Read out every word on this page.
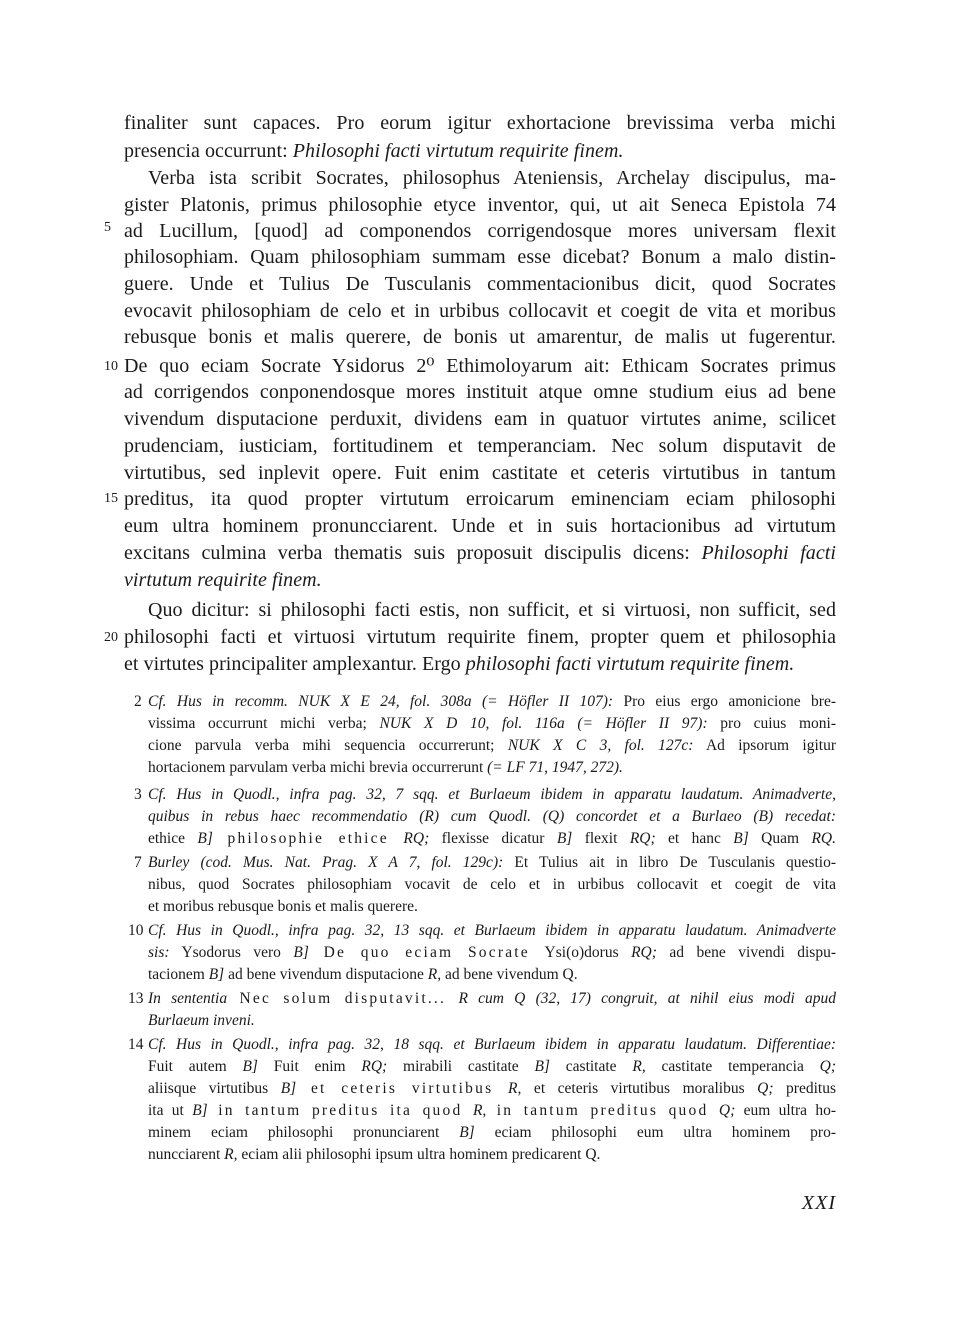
5
10
15
20
finaliter sunt capaces. Pro eorum igitur exhortacione brevissima verba michi
presencia occurrunt: Philosophi facti virtutum requirite finem.
Verba ista scribit Socrates, philosophus Ateniensis, Archelay discipulus, ma-
gister Platonis, primus philosophie etyce inventor, qui, ut ait Seneca Epistola 74
ad Lucillum, [quod] ad componendos corrigendosque mores universam flexit
philosophiam. Quam philosophiam summam esse dicebat? Bonum a malo distin-
guere. Unde et Tulius De Tusculanis commentacionibus dicit, quod Socrates
evocavit philosophiam de celo et in urbibus collocavit et coegit de vita et moribus
rebusque bonis et malis querere, de bonis ut amarentur, de malis ut fugerentur.
De quo eciam Socrate Ysidorus 2⁰ Ethimoloyarum ait: Ethicam Socrates primus
ad corrigendos conponendosque mores instituit atque omne studium eius ad bene
vivendum disputacione perduxit, dividens eam in quatuor virtutes anime, scilicet
prudenciam, iusticiam, fortitudinem et temperanciam. Nec solum disputavit de
virtutibus, sed inplevit opere. Fuit enim castitate et ceteris virtutibus in tantum
preditus, ita quod propter virtutum erroicarum eminenciam eciam philosophi
eum ultra hominem pronuncciarent. Unde et in suis hortacionibus ad virtutum
excitans culmina verba thematis suis proposuit discipulis dicens: Philosophi facti
virtutum requirite finem.
Quo dicitur: si philosophi facti estis, non sufficit, et si virtuosi, non sufficit, sed
philosophi facti et virtuosi virtutum requirite finem, propter quem et philosophia
et virtutes principaliter amplexantur. Ergo philosophi facti virtutum requirite finem.
2 Cf. Hus in recomm. NUK X E 24, fol. 308a (= Höfler II 107): Pro eius ergo amonicione bre-
vissima occurrunt michi verba; NUK X D 10, fol. 116a (= Höfler II 97): pro cuius moni-
cione parvula verba mihi sequencia occurrerunt; NUK X C 3, fol. 127c: Ad ipsorum igitur
hortacionem parvulam verba michi brevia occurrerunt (= LF 71, 1947, 272).
3 Cf. Hus in Quodl., infra pag. 32, 7 sqq. et Burlaeum ibidem in apparatu laudatum. Animadverte,
quibus in rebus haec recommendatio (R) cum Quodl. (Q) concordet et a Burlaeo (B) recedat:
ethice B] philosophie ethice RQ; flexisse dicatur B] flexit RQ; et hanc B] Quam RQ.
7 Burley (cod. Mus. Nat. Prag. X A 7, fol. 129c): Et Tulius ait in libro De Tusculanis questio-
nibus, quod Socrates philosophiam vocavit de celo et in urbibus collocavit et coegit de vita
et moribus rebusque bonis et malis querere.
10 Cf. Hus in Quodl., infra pag. 32, 13 sqq. et Burlaeum ibidem in apparatu laudatum. Animadverte
sis: Ysodorus vero B] De quo eciam Socrate Ysi(o)dorus RQ; ad bene vivendi dispu-
tacionem B] ad bene vivendum disputacione R, ad bene vivendum Q.
13 In sententia Nec solum disputavit... R cum Q (32, 17) congruit, at nihil eius modi apud
Burlaeum inveni.
14 Cf. Hus in Quodl., infra pag. 32, 18 sqq. et Burlaeum ibidem in apparatu laudatum. Differentiae:
Fuit autem B] Fuit enim RQ; mirabili castitate B] castitate R, castitate temperancia Q;
aliisque virtutibus B] et ceteris virtutibus R, et ceteris virtutibus moralibus Q; preditus
ita ut B] in tantum preditus ita quod R, in tantum preditus quod Q; eum ultra ho-
minem eciam philosophi pronunciarent B] eciam philosophi eum ultra hominem pro-
nuncciarent R, eciam alii philosophi ipsum ultra hominem predicarent Q.
XXI
